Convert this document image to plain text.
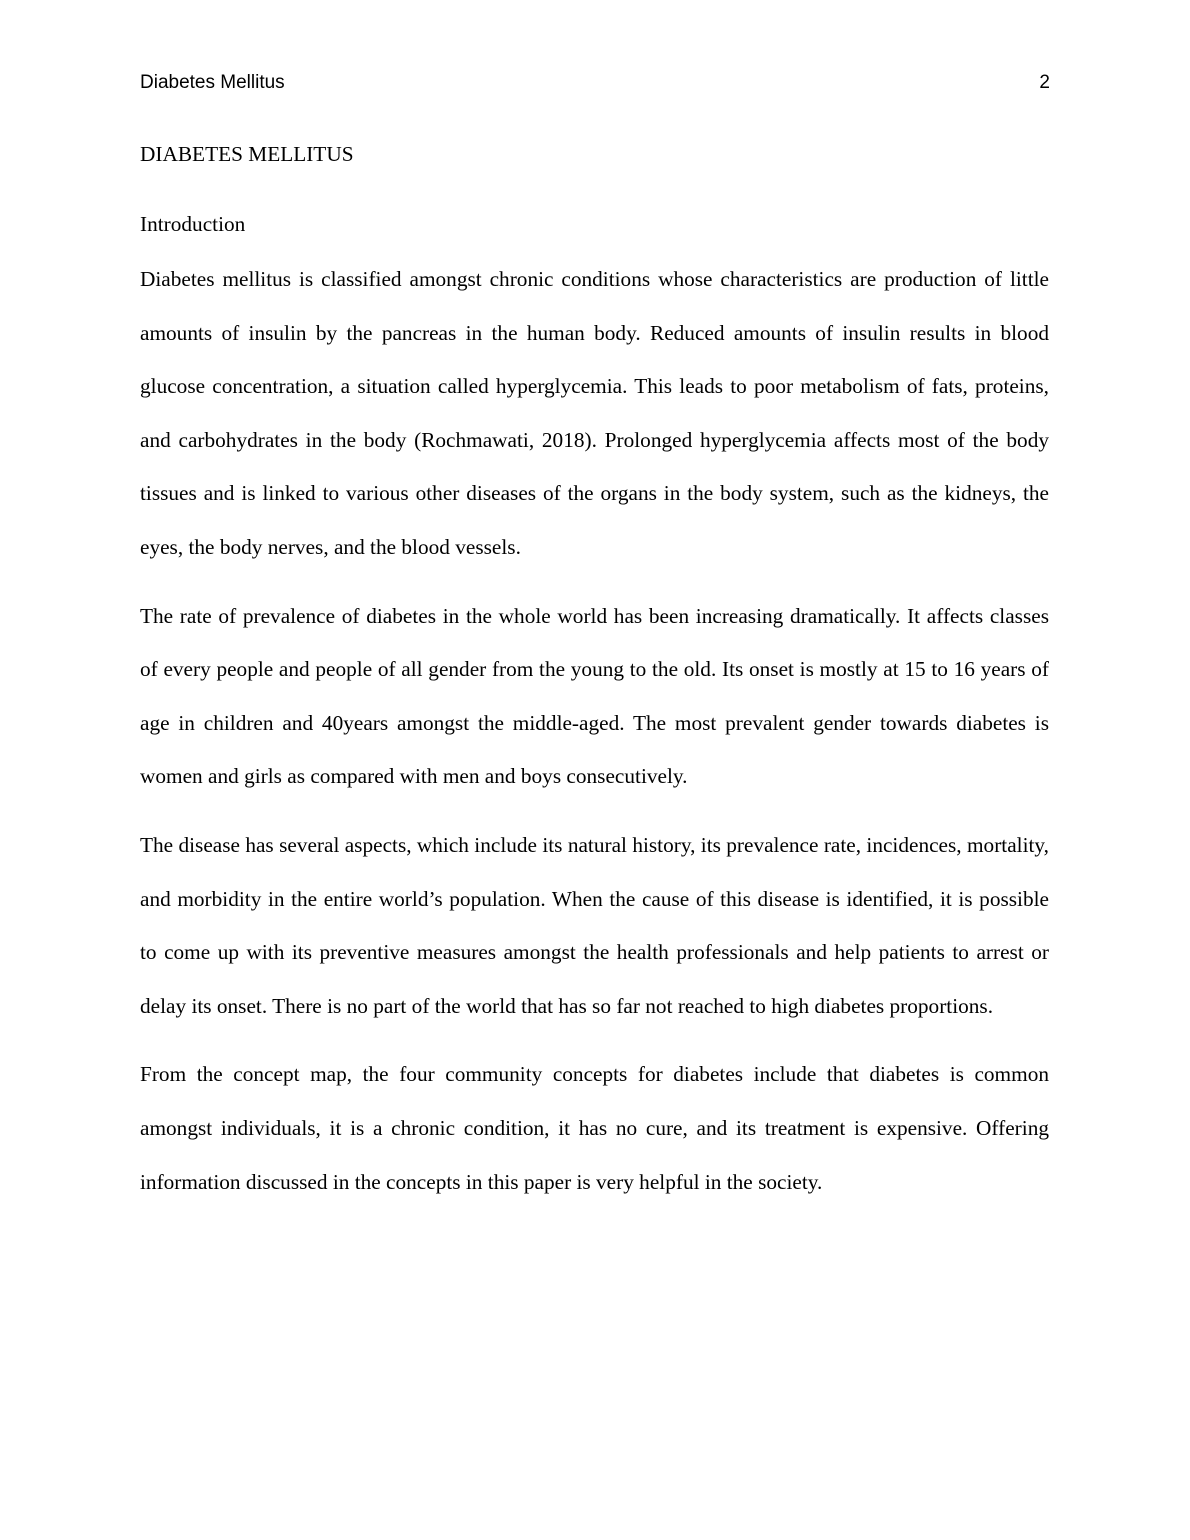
Diabetes Mellitus	2
DIABETES MELLITUS
Introduction

Diabetes mellitus is classified amongst chronic conditions whose characteristics are production of little amounts of insulin by the pancreas in the human body. Reduced amounts of insulin results in blood glucose concentration, a situation called hyperglycemia. This leads to poor metabolism of fats, proteins, and carbohydrates in the body (Rochmawati, 2018). Prolonged hyperglycemia affects most of the body tissues and is linked to various other diseases of the organs in the body system, such as the kidneys, the eyes, the body nerves, and the blood vessels.

The rate of prevalence of diabetes in the whole world has been increasing dramatically. It affects classes of every people and people of all gender from the young to the old. Its onset is mostly at 15 to 16 years of age in children and 40years amongst the middle-aged. The most prevalent gender towards diabetes is women and girls as compared with men and boys consecutively.

The disease has several aspects, which include its natural history, its prevalence rate, incidences, mortality, and morbidity in the entire world’s population. When the cause of this disease is identified, it is possible to come up with its preventive measures amongst the health professionals and help patients to arrest or delay its onset. There is no part of the world that has so far not reached to high diabetes proportions.

From the concept map, the four community concepts for diabetes include that diabetes is common amongst individuals, it is a chronic condition, it has no cure, and its treatment is expensive. Offering information discussed in the concepts in this paper is very helpful in the society.
